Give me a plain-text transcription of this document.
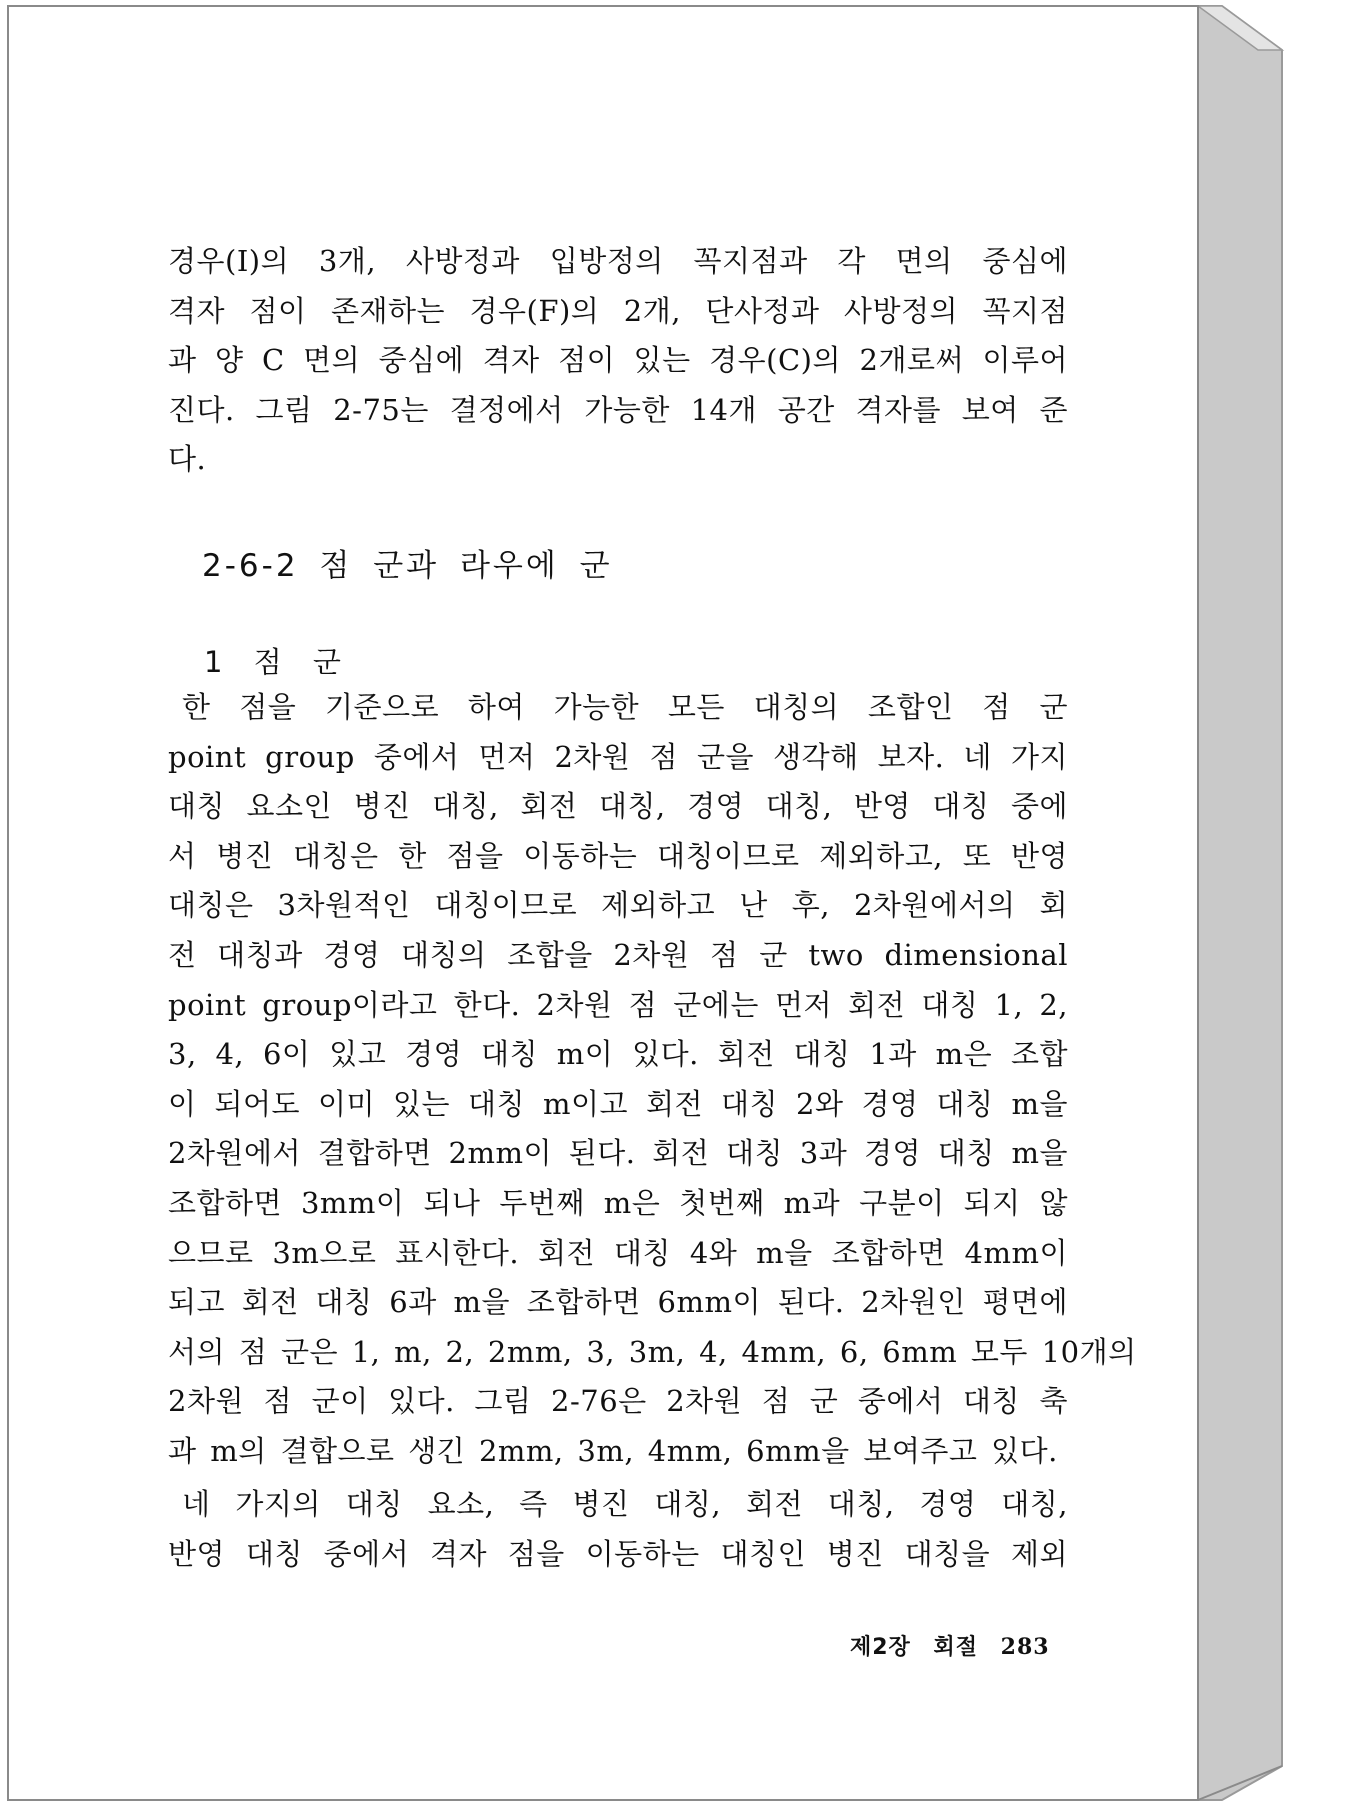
경우(I)의 3개, 사방정과 입방정의 꼭지점과 각 면의 중심에
격자 점이 존재하는 경우(F)의 2개, 단사정과 사방정의 꼭지점
과 양 C 면의 중심에 격자 점이 있는 경우(C)의 2개로써 이루어
진다. 그림 2-75는 결정에서 가능한 14개 공간 격자를 보여 준
다.
2-6-2 점 군과 라우에 군
1 점 군
한 점을 기준으로 하여 가능한 모든 대칭의 조합인 점 군
point group 중에서 먼저 2차원 점 군을 생각해 보자. 네 가지
대칭 요소인 병진 대칭, 회전 대칭, 경영 대칭, 반영 대칭 중에
서 병진 대칭은 한 점을 이동하는 대칭이므로 제외하고, 또 반영
대칭은 3차원적인 대칭이므로 제외하고 난 후, 2차원에서의 회
전 대칭과 경영 대칭의 조합을 2차원 점 군 two dimensional
point group이라고 한다. 2차원 점 군에는 먼저 회전 대칭 1, 2,
3, 4, 6이 있고 경영 대칭 m이 있다. 회전 대칭 1과 m은 조합
이 되어도 이미 있는 대칭 m이고 회전 대칭 2와 경영 대칭 m을
2차원에서 결합하면 2mm이 된다. 회전 대칭 3과 경영 대칭 m을
조합하면 3mm이 되나 두번째 m은 첫번째 m과 구분이 되지 않
으므로 3m으로 표시한다. 회전 대칭 4와 m을 조합하면 4mm이
되고 회전 대칭 6과 m을 조합하면 6mm이 된다. 2차원인 평면에
서의 점 군은 1, m, 2, 2mm, 3, 3m, 4, 4mm, 6, 6mm 모두 10개의
2차원 점 군이 있다. 그림 2-76은 2차원 점 군 중에서 대칭 축
과 m의 결합으로 생긴 2mm, 3m, 4mm, 6mm을 보여주고 있다.
네 가지의 대칭 요소, 즉 병진 대칭, 회전 대칭, 경영 대칭,
반영 대칭 중에서 격자 점을 이동하는 대칭인 병진 대칭을 제외
제2장 회절 283
